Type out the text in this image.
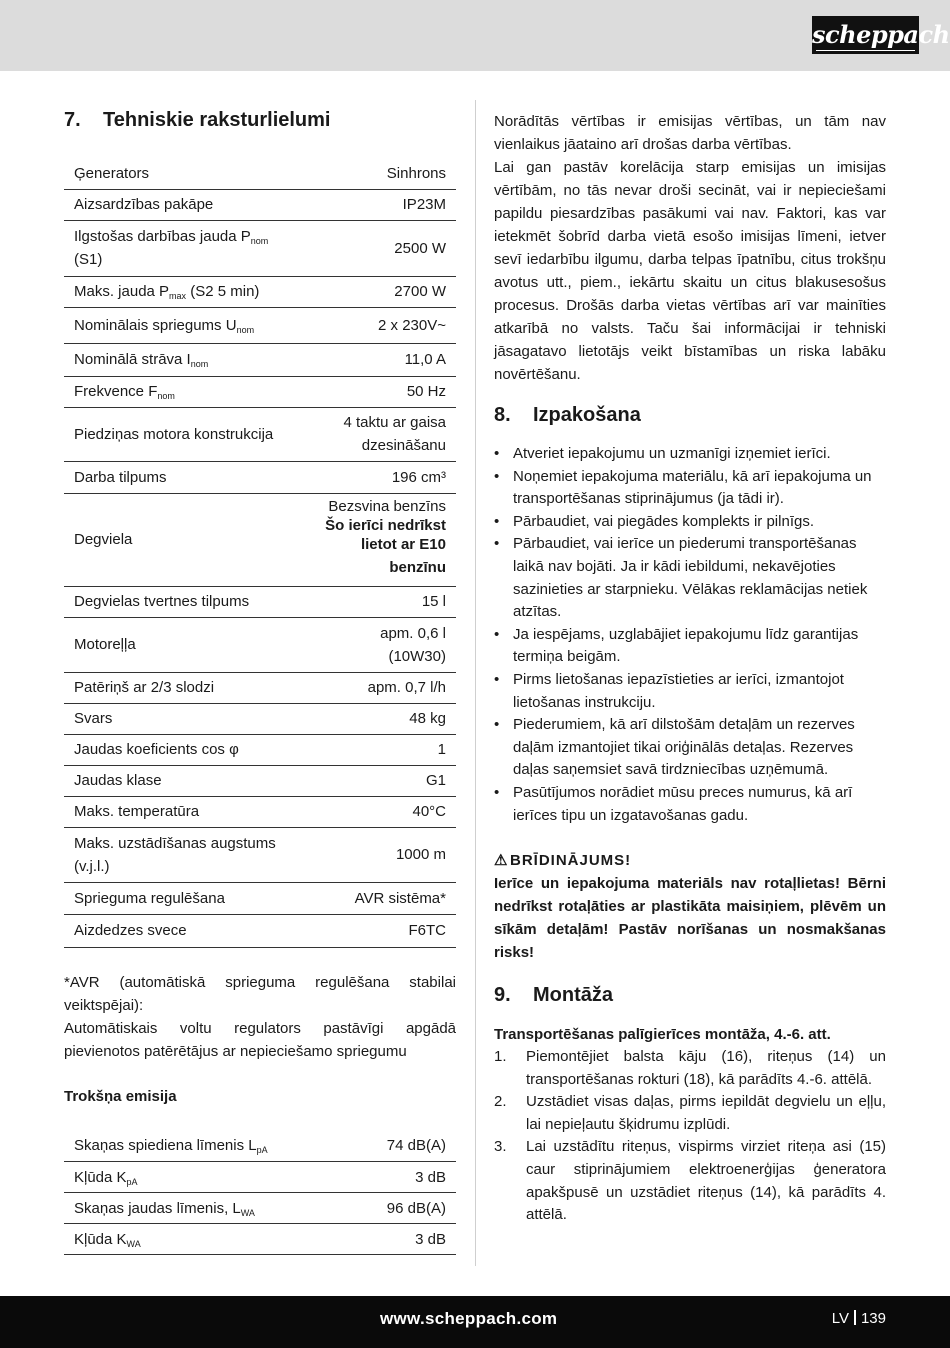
scheppach
7. Tehniskie raksturlielumi
Ģenerators	Sinhrons
Aizsardzības pakāpe	IP23M
Ilgstošas darbības jauda $P_{nom}$
(S1)	2500 W
Maks. jauda $P_{max}$ (S2 5 min)	2700 W
Nominālais spriegums $U_{nom}$	2 x 230V~
Nominālā strāva $I_{nom}$	11,0 A
Frekvence $F_{nom}$	50 Hz
Piedziņas motora konstrukcija	4 taktu ar gaisa
dzesināšanu
Darba tilpums	196 cm³
Degviela	Bezsvina benzīns
Šo ierīci nedrīkst
lietot ar E10
benzīnu
Degvielas tvertnes tilpums	15 l
Motoreļļa	apm. 0,6 l
(10W30)
Patēriņš ar 2/3 slodzi	apm. 0,7 l/h
Svars	48 kg
Jaudas koeficients cos φ	1
Jaudas klase	G1
Maks. temperatūra	40°C
Maks. uzstādīšanas augstums
(v.j.l.)	1000 m
Sprieguma regulēšana	AVR sistēma*
Aizdedzes svece	F6TC

*AVR (automātiskā sprieguma regulēšana stabilai veiktspējai):

Automātiskais voltu regulators pastāvīgi apgādā pievienotos patērētājus ar nepieciešamo spriegumu

Trokšņa emisija

Skaņas spiediena līmenis $L_{pA}$	74 dB(A)
Kļūda $K_{pA}$	3 dB
Skaņas jaudas līmenis, $L_{WA}$	96 dB(A)
Kļūda $K_{WA}$	3 dB

Norādītās vērtības ir emisijas vērtības, un tām nav vienlaikus jāataino arī drošas darba vērtības.

Lai gan pastāv korelācija starp emisijas un imisijas vērtībām, no tās nevar droši secināt, vai ir nepieciešami papildu piesardzības pasākumi vai nav. Faktori, kas var ietekmēt šobrīd darba vietā esošo imisijas līmeni, ietver sevī iedarbību ilgumu, darba telpas īpatnību, citus trokšņu avotus utt., piem., iekārtu skaitu un citus blakusesošus procesus. Drošās darba vietas vērtības arī var mainīties atkarībā no valsts. Taču šai informācijai ir tehniski jāsagatavo lietotājs veikt bīstamības un riska labāku novērtēšanu.

8. Izpakošana
• Atveriet iepakojumu un uzmanīgi izņemiet ierīci.
• Noņemiet iepakojuma materiālu, kā arī iepakojuma un transportēšanas stiprinājumus (ja tādi ir).
• Pārbaudiet, vai piegādes komplekts ir pilnīgs.
• Pārbaudiet, vai ierīce un piederumi transportēšanas laikā nav bojāti. Ja ir kādi iebildumi, nekavējoties sazinieties ar starpnieku. Vēlākas reklamācijas netiek atzītas.
• Ja iespējams, uzglabājiet iepakojumu līdz garantijas termiņa beigām.
• Pirms lietošanas iepazīstieties ar ierīci, izmantojot lietošanas instrukciju.
• Piederumiem, kā arī dilstošām detaļām un rezerves daļām izmantojiet tikai oriģinālās detaļas. Rezerves daļas saņemsiet savā tirdzniecības uzņēmumā.
• Pasūtījumos norādiet mūsu preces numurus, kā arī ierīces tipu un izgatavošanas gadu.
⚠ BRĪDINĀJUMS!

Ierīce un iepakojuma materiāls nav rotaļlietas! Bērni nedrīkst rotaļāties ar plastikāta maisiņiem, plēvēm un sīkām detaļām! Pastāv norīšanas un nosmakšanas risks!

9. Montāža

Transportēšanas palīgierīces montāža, 4.-6. att.

1. Piemontējiet balsta kāju (16), riteņus (14) un transportēšanas rokturi (18), kā parādīts 4.-6. attēlā.
2. Uzstādiet visas daļas, pirms iepildāt degvielu un eļļu, lai nepieļautu šķidrumu izplūdi.
3. Lai uzstādītu riteņus, vispirms virziet riteņa asi (15) caur stiprinājumiem elektroenerģijas ģeneratora apakšpusē un uzstādiet riteņus (14), kā parādīts 4. attēlā.
www.scheppach.com	LV 139
